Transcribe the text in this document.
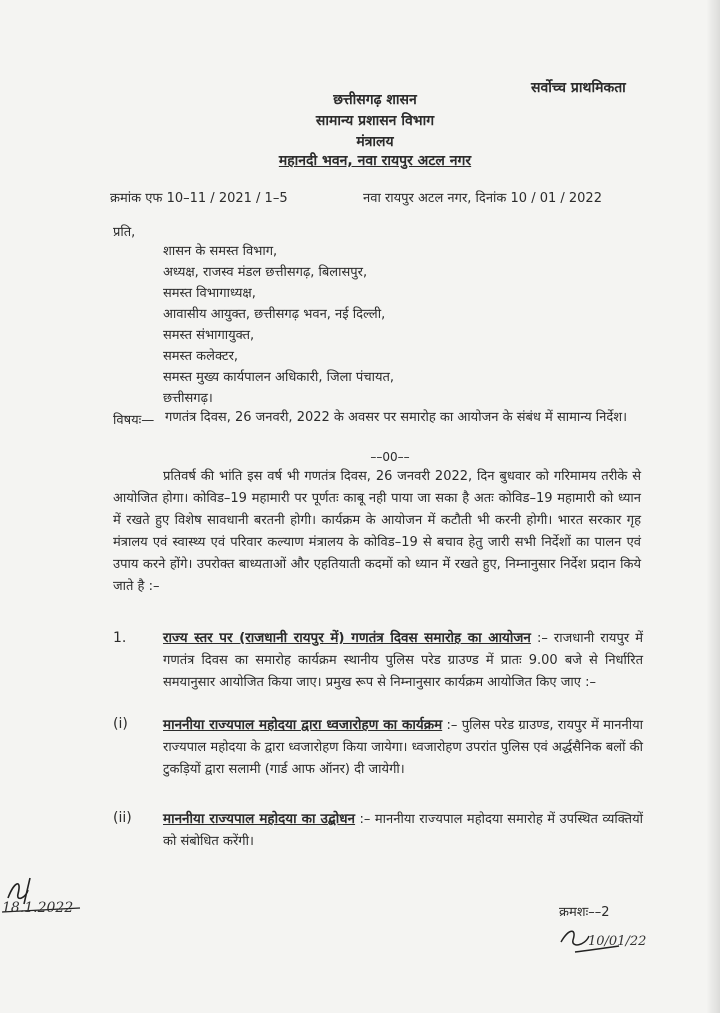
सर्वोच्च प्राथमिकता
छत्तीसगढ़ शासन
सामान्य प्रशासन विभाग
मंत्रालय
महानदी भवन, नवा रायपुर अटल नगर
क्रमांक एफ 10–11 / 2021 / 1–5	नवा रायपुर अटल नगर, दिनांक 10 / 01 / 2022
प्रति,
शासन के समस्त विभाग,
अध्यक्ष, राजस्व मंडल छत्तीसगढ़, बिलासपुर,
समस्त विभागाध्यक्ष,
आवासीय आयुक्त, छत्तीसगढ़ भवन, नई दिल्ली,
समस्त संभागायुक्त,
समस्त कलेक्टर,
समस्त मुख्य कार्यपालन अधिकारी, जिला पंचायत,
छत्तीसगढ़।
विषयः— गणतंत्र दिवस, 26 जनवरी, 2022 के अवसर पर समारोह का आयोजन के संबंध में सामान्य निर्देश।
––00––
प्रतिवर्ष की भांति इस वर्ष भी गणतंत्र दिवस, 26 जनवरी 2022, दिन बुधवार को गरिमामय तरीके से आयोजित होगा। कोविड–19 महामारी पर पूर्णतः काबू नही पाया जा सका है अतः कोविड–19 महामारी को ध्यान में रखते हुए विशेष सावधानी बरतनी होगी। कार्यक्रम के आयोजन में कटौती भी करनी होगी। भारत सरकार गृह मंत्रालय एवं स्वास्थ्य एवं परिवार कल्याण मंत्रालय के कोविड–19 से बचाव हेतु जारी सभी निर्देशों का पालन एवं उपाय करने होंगे। उपरोक्त बाध्यताओं और एहतियाती कदमों को ध्यान में रखते हुए, निम्नानुसार निर्देश प्रदान किये जाते है :–
1.	राज्य स्तर पर (राजधानी रायपुर में) गणतंत्र दिवस समारोह का आयोजन :– राजधानी रायपुर में गणतंत्र दिवस का समारोह कार्यक्रम स्थानीय पुलिस परेड ग्राउण्ड में प्रातः 9.00 बजे से निर्धारित समयानुसार आयोजित किया जाए। प्रमुख रूप से निम्नानुसार कार्यक्रम आयोजित किए जाए :–
(i)	माननीया राज्यपाल महोदया द्वारा ध्वजारोहण का कार्यक्रम :– पुलिस परेड ग्राउण्ड, रायपुर में माननीया राज्यपाल महोदया के द्वारा ध्वजारोहण किया जायेगा। ध्वजारोहण उपरांत पुलिस एवं अर्द्धसैनिक बलों की टुकड़ियों द्वारा सलामी (गार्ड आफ ऑनर) दी जायेगी।
(ii) माननीया राज्यपाल महोदया का उद्बोधन :– माननीया राज्यपाल महोदया समारोह में उपस्थित व्यक्तियों को संबोधित करेंगी।
क्रमशः––2
18.1.2022
10/01/22
